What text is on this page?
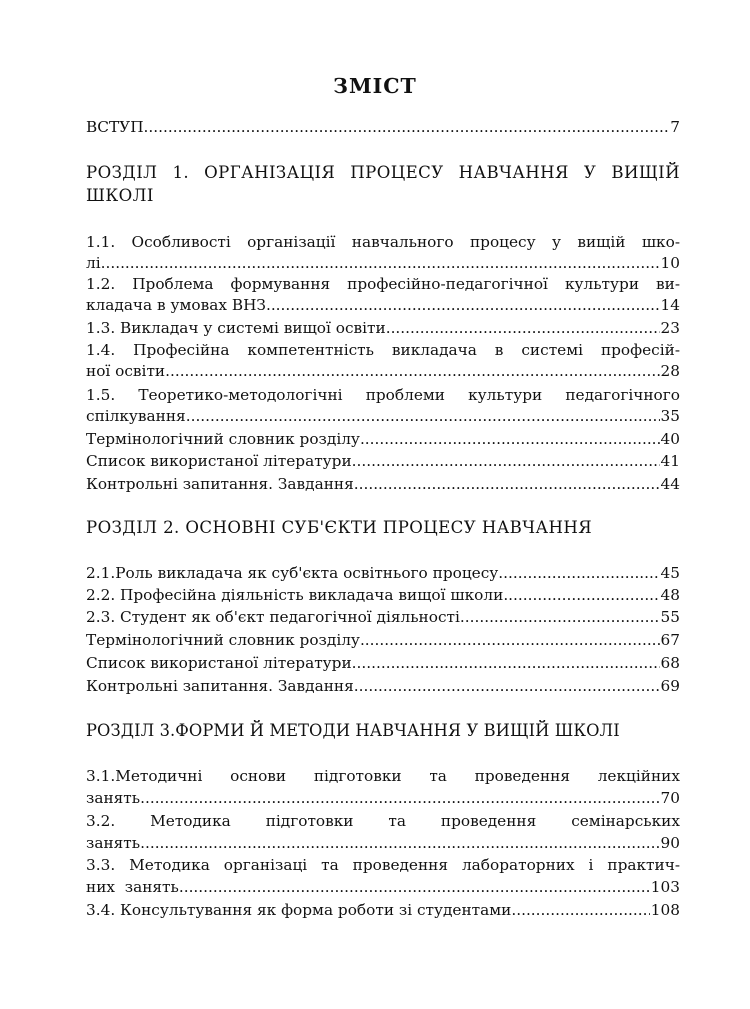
ЗМІСТ
ВСТУП .....	7
РОЗДІЛ 1. ОРГАНІЗАЦІЯ ПРОЦЕСУ НАВЧАННЯ У ВИЩІЙ
ШКОЛІ
1.1. Особливості організації навчального процесу у вищій шко-
лі .....	10
1.2. Проблема формування професійно-педагогічної культури ви-
кладача в умовах ВНЗ .....	14
1.3. Викладач у системі вищої освіти .....	23
1.4. Професійна компетентність викладача в системі професій-
ної освіти .....	28
1.5. Теоретико-методологічні проблеми культури педагогічного
спілкування .....	35
Термінологічний словник розділу .....	40
Список використаної літератури .....	41
Контрольні запитання. Завдання .....	44
РОЗДІЛ 2. ОСНОВНІ СУБ'ЄКТИ ПРОЦЕСУ НАВЧАННЯ
2.1.Роль викладача як суб'єкта освітнього процесу .....	45
2.2. Професійна діяльність викладача вищої школи .....	48
2.3. Студент як об'єкт педагогічної діяльності .....	55
Термінологічний словник розділу .....	67
Список використаної літератури .....	68
Контрольні запитання. Завдання .....	69
РОЗДІЛ 3.ФОРМИ Й МЕТОДИ НАВЧАННЯ У ВИЩІЙ ШКОЛІ
3.1.Методичні основи підготовки та проведення лекційних
занять .....	70
3.2. Методика підготовки та проведення семінарських
занять .....	90
3.3. Методика організаці та проведення лабораторних і практич-
них  занять .....	103
3.4. Консультування як форма роботи зі студентами .....	108
